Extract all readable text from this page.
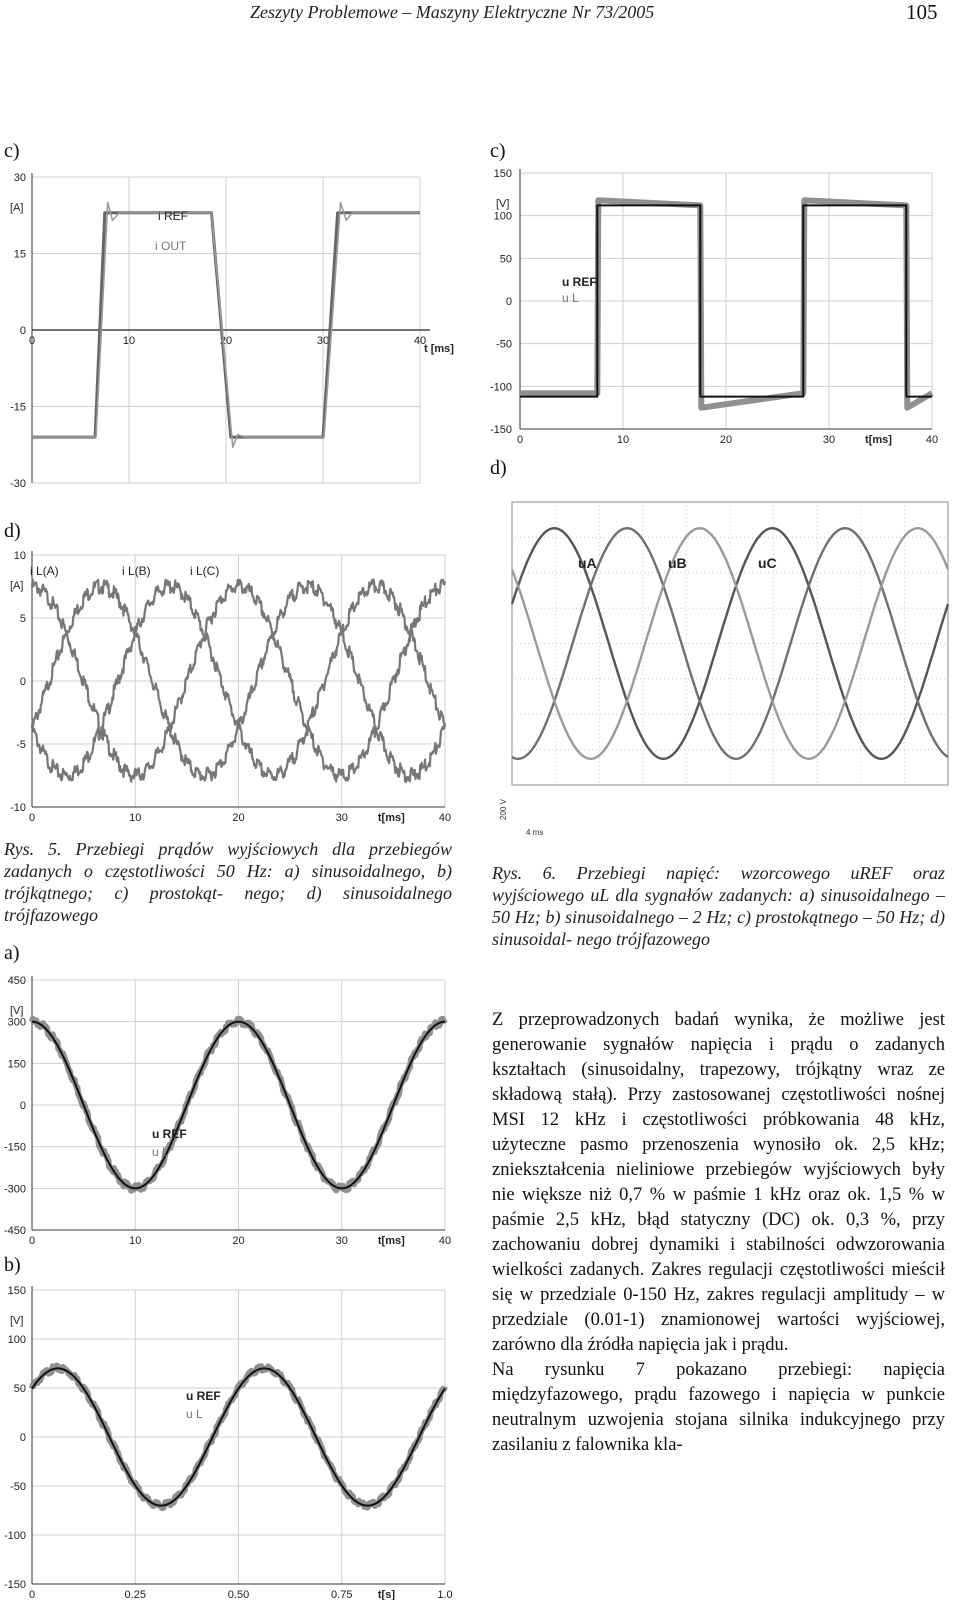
Zeszyty Problemowe – Maszyny Elektryczne Nr 73/2005	105
c)
d)
a)
b)
c)
d)
30
15
0
-15
-30
0	10	20	30	40
[A]
t [ms]
i REF
i OUT
10
5
0
-5
-10
0	10	20	30	40
[A]
t[ms]
i L(A)	i L(B)	i L(C)
450
300
150
0
-150
-300
-450
0	10	20	30	40
[V]
t[ms]
u REF
u L
150
100
50
0
-50
-100
-150
0	0.25	0.50	0.75	1.0
[V]
t[s]
u REF
u L
150
100
50
0
-50
-100
-150
0	10	20	30	40
[V]
t[ms]
u REF
u L
uA	uB	uC
200 V
4 ms
Rys. 5. Przebiegi prądów wyjściowych dla przebiegów zadanych o częstotliwości 50 Hz: a) sinusoidalnego, b) trójkątnego; c) prostokąt- nego; d) sinusoidalnego trójfazowego
Rys. 6. Przebiegi napięć: wzorcowego uREF oraz wyjściowego uL dla sygnałów zadanych: a) sinusoidalnego – 50 Hz; b) sinusoidalnego – 2 Hz; c) prostokątnego – 50 Hz; d) sinusoidal- nego trójfazowego

Z przeprowadzonych badań wynika, że możliwe jest generowanie sygnałów napięcia i prądu o zadanych kształtach (sinusoidalny, trapezowy, trójkątny wraz ze składową stałą). Przy zastosowanej częstotliwości nośnej MSI 12 kHz i częstotliwości próbkowania 48 kHz, użyteczne pasmo przenoszenia wynosiło ok. 2,5 kHz; zniekształcenia nieliniowe przebiegów wyjściowych były nie większe niż 0,7 % w paśmie 1 kHz oraz ok. 1,5 % w paśmie 2,5 kHz, błąd statyczny (DC) ok. 0,3 %, przy zachowaniu dobrej dynamiki i stabilności odwzorowania wielkości zadanych. Zakres regulacji częstotliwości mieścił się w przedziale 0-150 Hz, zakres regulacji amplitudy – w przedziale (0.01-1) znamionowej wartości wyjściowej, zarówno dla źródła napięcia jak i prądu.

Na rysunku 7 pokazano przebiegi: napięcia międzyfazowego, prądu fazowego i napięcia w punkcie neutralnym uzwojenia stojana silnika indukcyjnego przy zasilaniu z falownika kla-
